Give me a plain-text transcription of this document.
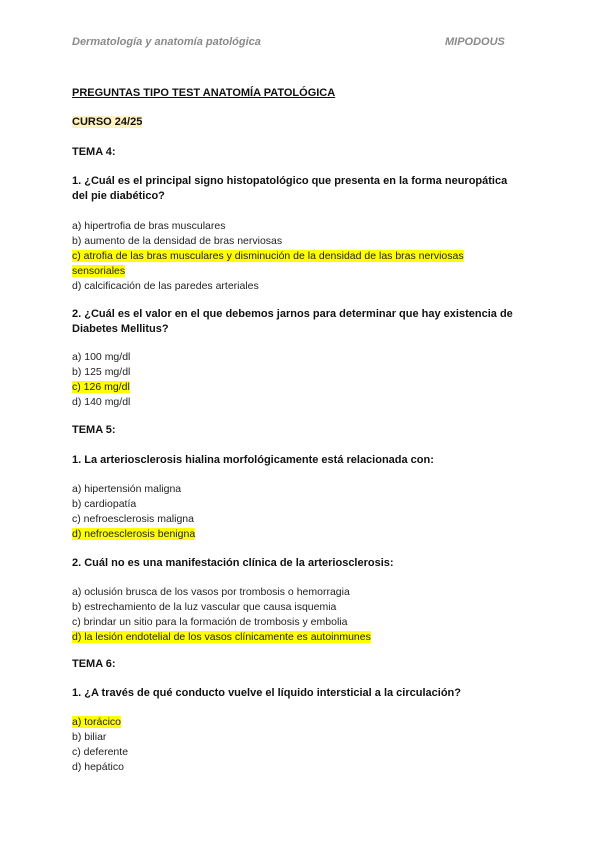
Dermatología y anatomía patológica	MIPODOUS
PREGUNTAS TIPO TEST ANATOMÍA PATOLÓGICA
CURSO 24/25
TEMA 4:
1. ¿Cuál es el principal signo histopatológico que presenta en la forma neuropática
del pie diabético?
a) hipertrofia de bras musculares
b) aumento de la densidad de bras nerviosas
c) atrofia de las bras musculares y disminución de la densidad de las bras nerviosas
sensoriales
d) calcificación de las paredes arteriales
2. ¿Cuál es el valor en el que debemos jarnos para determinar que hay existencia de
Diabetes Mellitus?
a) 100 mg/dl
b) 125 mg/dl
c) 126 mg/dl
d) 140 mg/dl
TEMA 5:
1. La arteriosclerosis hialina morfológicamente está relacionada con:
a) hipertensión maligna
b) cardiopatía
c) nefroesclerosis maligna
d) nefroesclerosis benigna
2. Cuál no es una manifestación clínica de la arteriosclerosis:
a) oclusión brusca de los vasos por trombosis o hemorragia
b) estrechamiento de la luz vascular que causa isquemia
c) brindar un sitio para la formación de trombosis y embolia
d) la lesión endotelial de los vasos clínicamente es autoinmunes
TEMA 6:
1. ¿A través de qué conducto vuelve el líquido intersticial a la circulación?
a) torácico
b) biliar
c) deferente
d) hepático
